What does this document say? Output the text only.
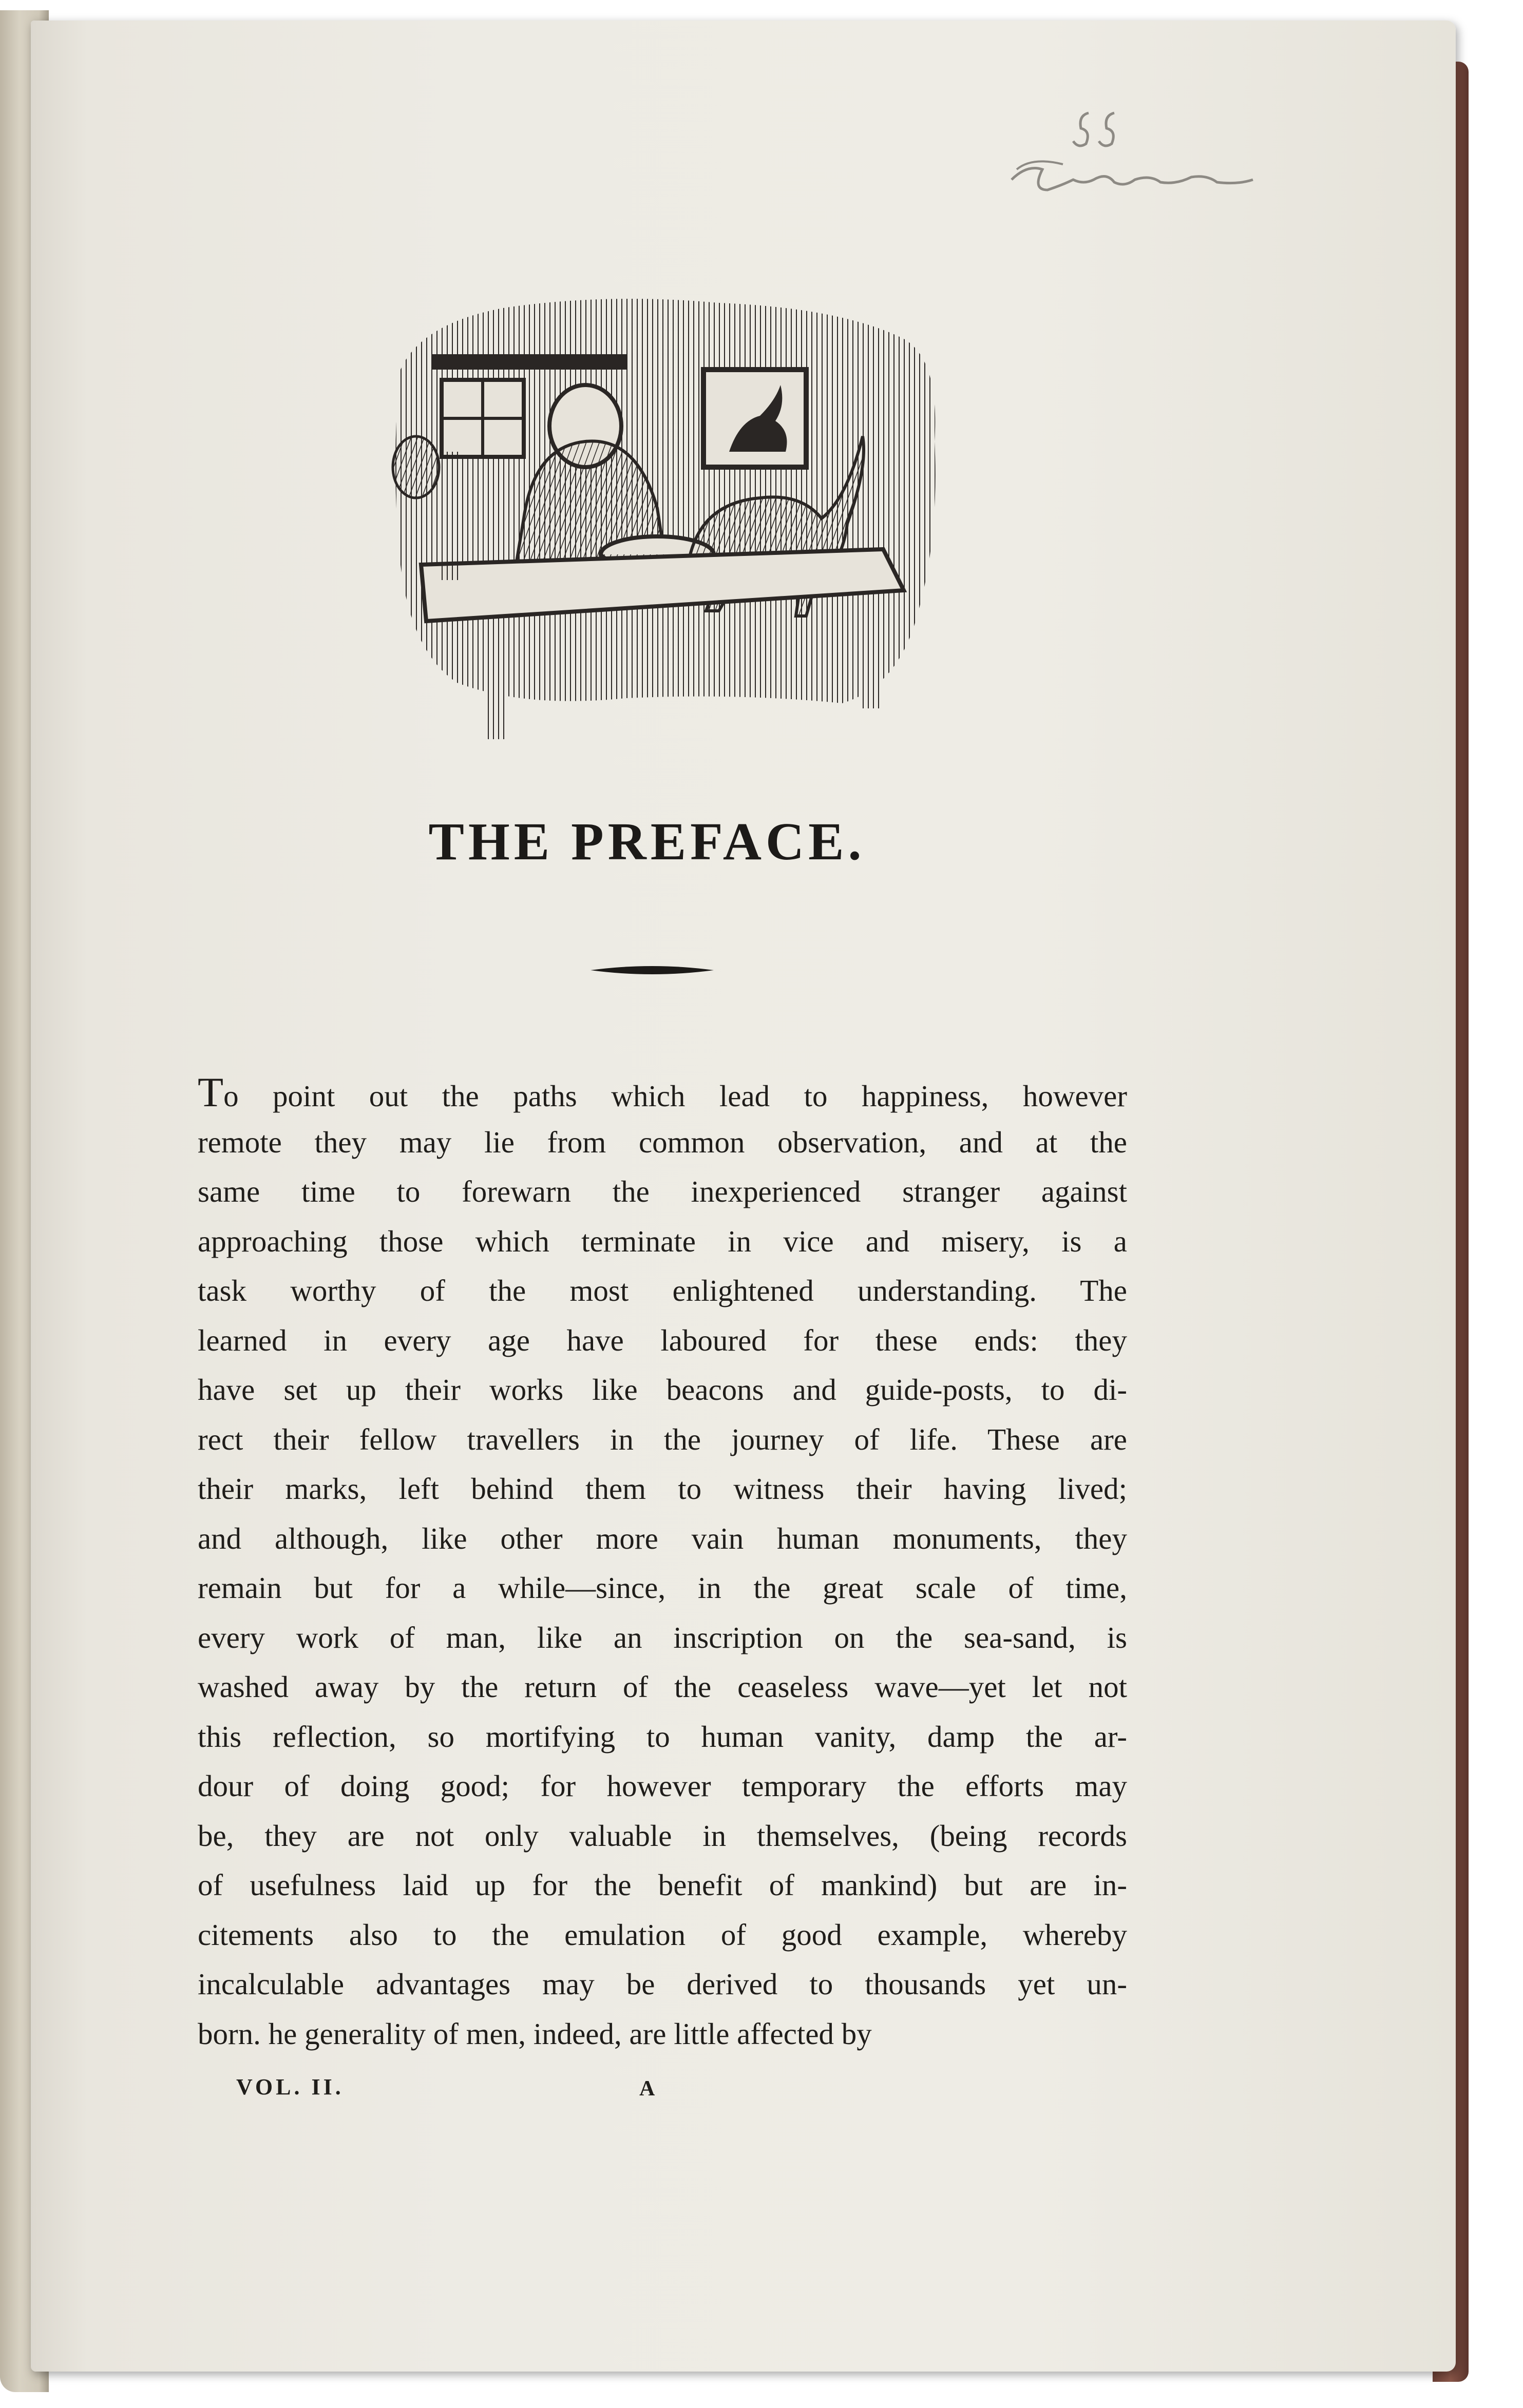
THE PREFACE.
To point out the paths which lead to happiness, however
remote they may lie from common observation, and at the
same time to forewarn the inexperienced stranger against
approaching those which terminate in vice and misery, is a
task worthy of the most enlightened understanding. The
learned in every age have laboured for these ends: they
have set up their works like beacons and guide-posts, to di-
rect their fellow travellers in the journey of life. These are
their marks, left behind them to witness their having lived;
and although, like other more vain human monuments, they
remain but for a while—since, in the great scale of time,
every work of man, like an inscription on the sea-sand, is
washed away by the return of the ceaseless wave—yet let not
this reflection, so mortifying to human vanity, damp the ar-
dour of doing good; for however temporary the efforts may
be, they are not only valuable in themselves, (being records
of usefulness laid up for the benefit of mankind) but are in-
citements also to the emulation of good example, whereby
incalculable advantages may be derived to thousands yet un-
born. he generality of men, indeed, are little affected by
VOL. II.	A
